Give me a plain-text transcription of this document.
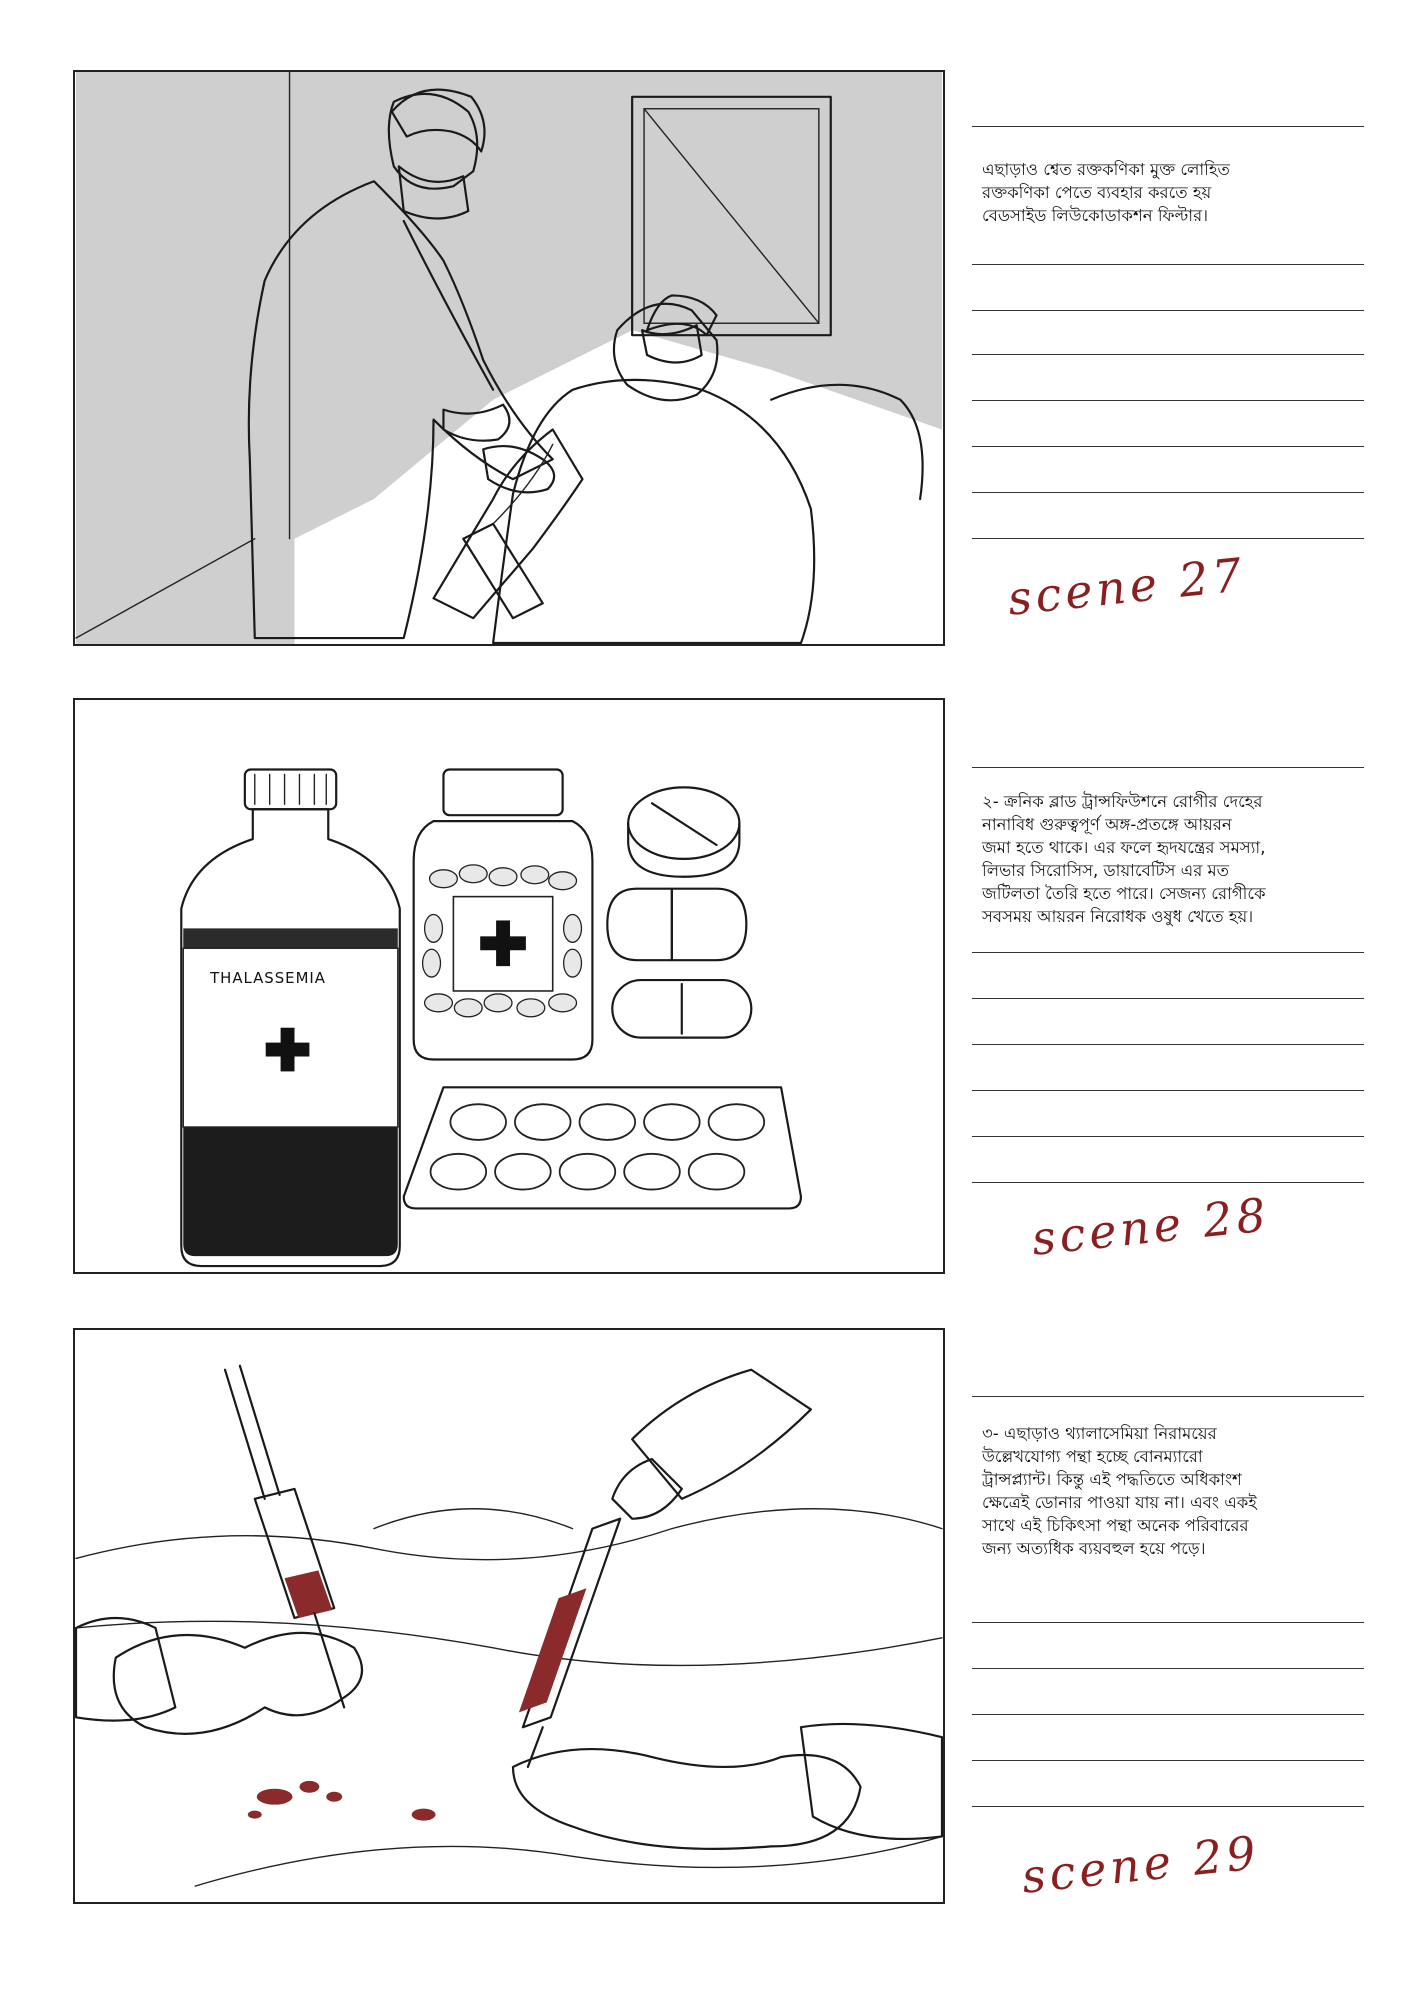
এছাড়াও শ্বেত রক্তকণিকা মুক্ত লোহিত
রক্তকণিকা পেতে ব্যবহার করতে হয়
বেডসাইড লিউকোডাকশন ফিল্টার।
scene 27
THALASSEMIA
২- ক্রনিক ব্লাড ট্রান্সফিউশনে রোগীর দেহের
নানাবিধ গুরুত্বপূর্ণ অঙ্গ-প্রতঙ্গে আয়রন
জমা হতে থাকে। এর ফলে হৃদযন্ত্রের সমস্যা,
লিভার সিরোসিস, ডায়াবেটিস এর মত
জটিলতা তৈরি হতে পারে। সেজন্য রোগীকে
সবসময় আয়রন নিরোধক ওষুধ খেতে হয়।
scene 28
৩- এছাড়াও থ্যালাসেমিয়া নিরাময়ের
উল্লেখযোগ্য পন্থা হচ্ছে বোনম্যারো
ট্রান্সপ্ল্যান্ট। কিন্তু এই পদ্ধতিতে অধিকাংশ
ক্ষেত্রেই ডোনার পাওয়া যায় না। এবং একই
সাথে এই চিকিৎসা পন্থা অনেক পরিবারের
জন্য অত্যধিক ব্যয়বহুল হয়ে পড়ে।
scene 29
